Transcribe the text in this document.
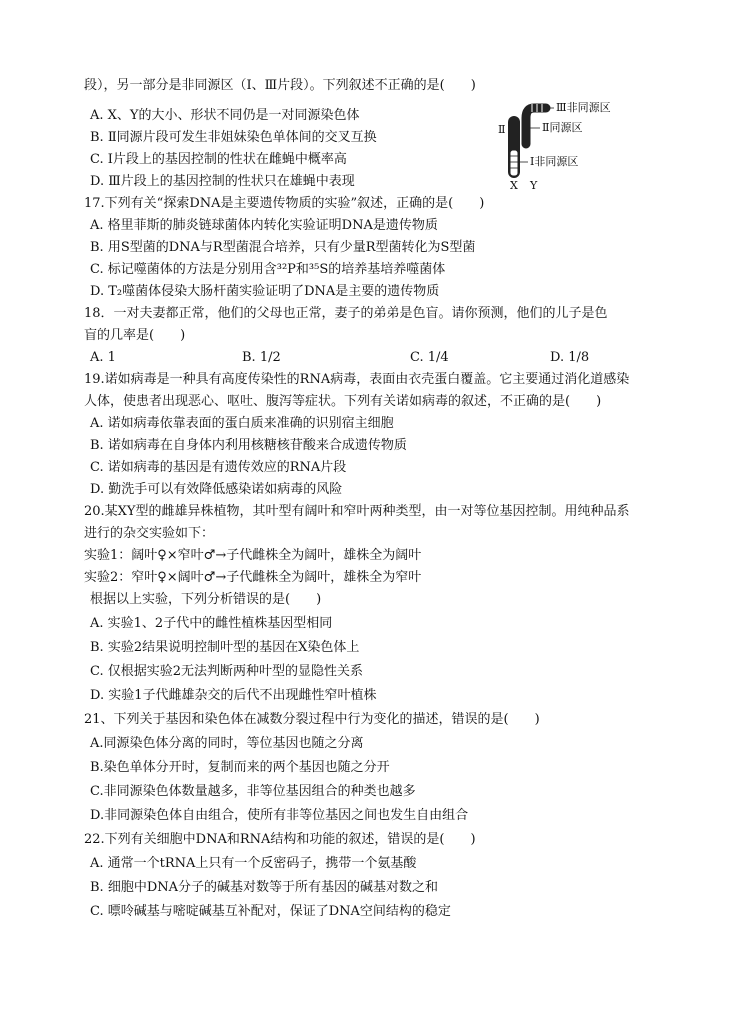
段），另一部分是非同源区（Ⅰ、Ⅲ片段）。下列叙述不正确的是(　　)
A. X、Y的大小、形状不同仍是一对同源染色体
B. Ⅱ同源片段可发生非姐妹染色单体间的交叉互换
C. Ⅰ片段上的基因控制的性状在雌蝇中概率高
D. Ⅲ片段上的基因控制的性状只在雄蝇中表现
17.下列有关“探索DNA是主要遗传物质的实验”叙述，正确的是(　　)
A. 格里菲斯的肺炎链球菌体内转化实验证明DNA是遗传物质
B. 用S型菌的DNA与R型菌混合培养，只有少量R型菌转化为S型菌
C. 标记噬菌体的方法是分别用含³²P和³⁵S的培养基培养噬菌体
D. T₂噬菌体侵染大肠杆菌实验证明了DNA是主要的遗传物质
18．一对夫妻都正常，他们的父母也正常，妻子的弟弟是色盲。请你预测，他们的儿子是色
盲的几率是(　　)
19.诺如病毒是一种具有高度传染性的RNA病毒，表面由衣壳蛋白覆盖。它主要通过消化道感染
人体，使患者出现恶心、呕吐、腹泻等症状。下列有关诺如病毒的叙述，不正确的是(　　)
A. 诺如病毒依靠表面的蛋白质来准确的识别宿主细胞
B. 诺如病毒在自身体内利用核糖核苷酸来合成遗传物质
C. 诺如病毒的基因是有遗传效应的RNA片段
D. 勤洗手可以有效降低感染诺如病毒的风险
20.某XY型的雌雄异株植物，其叶型有阔叶和窄叶两种类型，由一对等位基因控制。用纯种品系
进行的杂交实验如下：
实验1：阔叶♀×窄叶♂→子代雌株全为阔叶，雄株全为阔叶
实验2：窄叶♀×阔叶♂→子代雌株全为阔叶，雄株全为窄叶
根据以上实验，下列分析错误的是(　　)
A. 实验1、2子代中的雌性植株基因型相同
B. 实验2结果说明控制叶型的基因在X染色体上
C. 仅根据实验2无法判断两种叶型的显隐性关系
D. 实验1子代雌雄杂交的后代不出现雌性窄叶植株
21、下列关于基因和染色体在减数分裂过程中行为变化的描述，错误的是(　　)
A.同源染色体分离的同时，等位基因也随之分离
B.染色单体分开时，复制而来的两个基因也随之分开
C.非同源染色体数量越多，非等位基因组合的种类也越多
D.非同源染色体自由组合，使所有非等位基因之间也发生自由组合
22.下列有关细胞中DNA和RNA结构和功能的叙述，错误的是(　　)
A. 通常一个tRNA上只有一个反密码子，携带一个氨基酸
B. 细胞中DNA分子的碱基对数等于所有基因的碱基对数之和
C. 嘌呤碱基与嘧啶碱基互补配对，保证了DNA空间结构的稳定
A. 1	B. 1/2	C. 1/4	D. 1/8
Ⅲ非同源区
Ⅱ同源区
Ⅱ
Ⅰ非同源区
X Y
